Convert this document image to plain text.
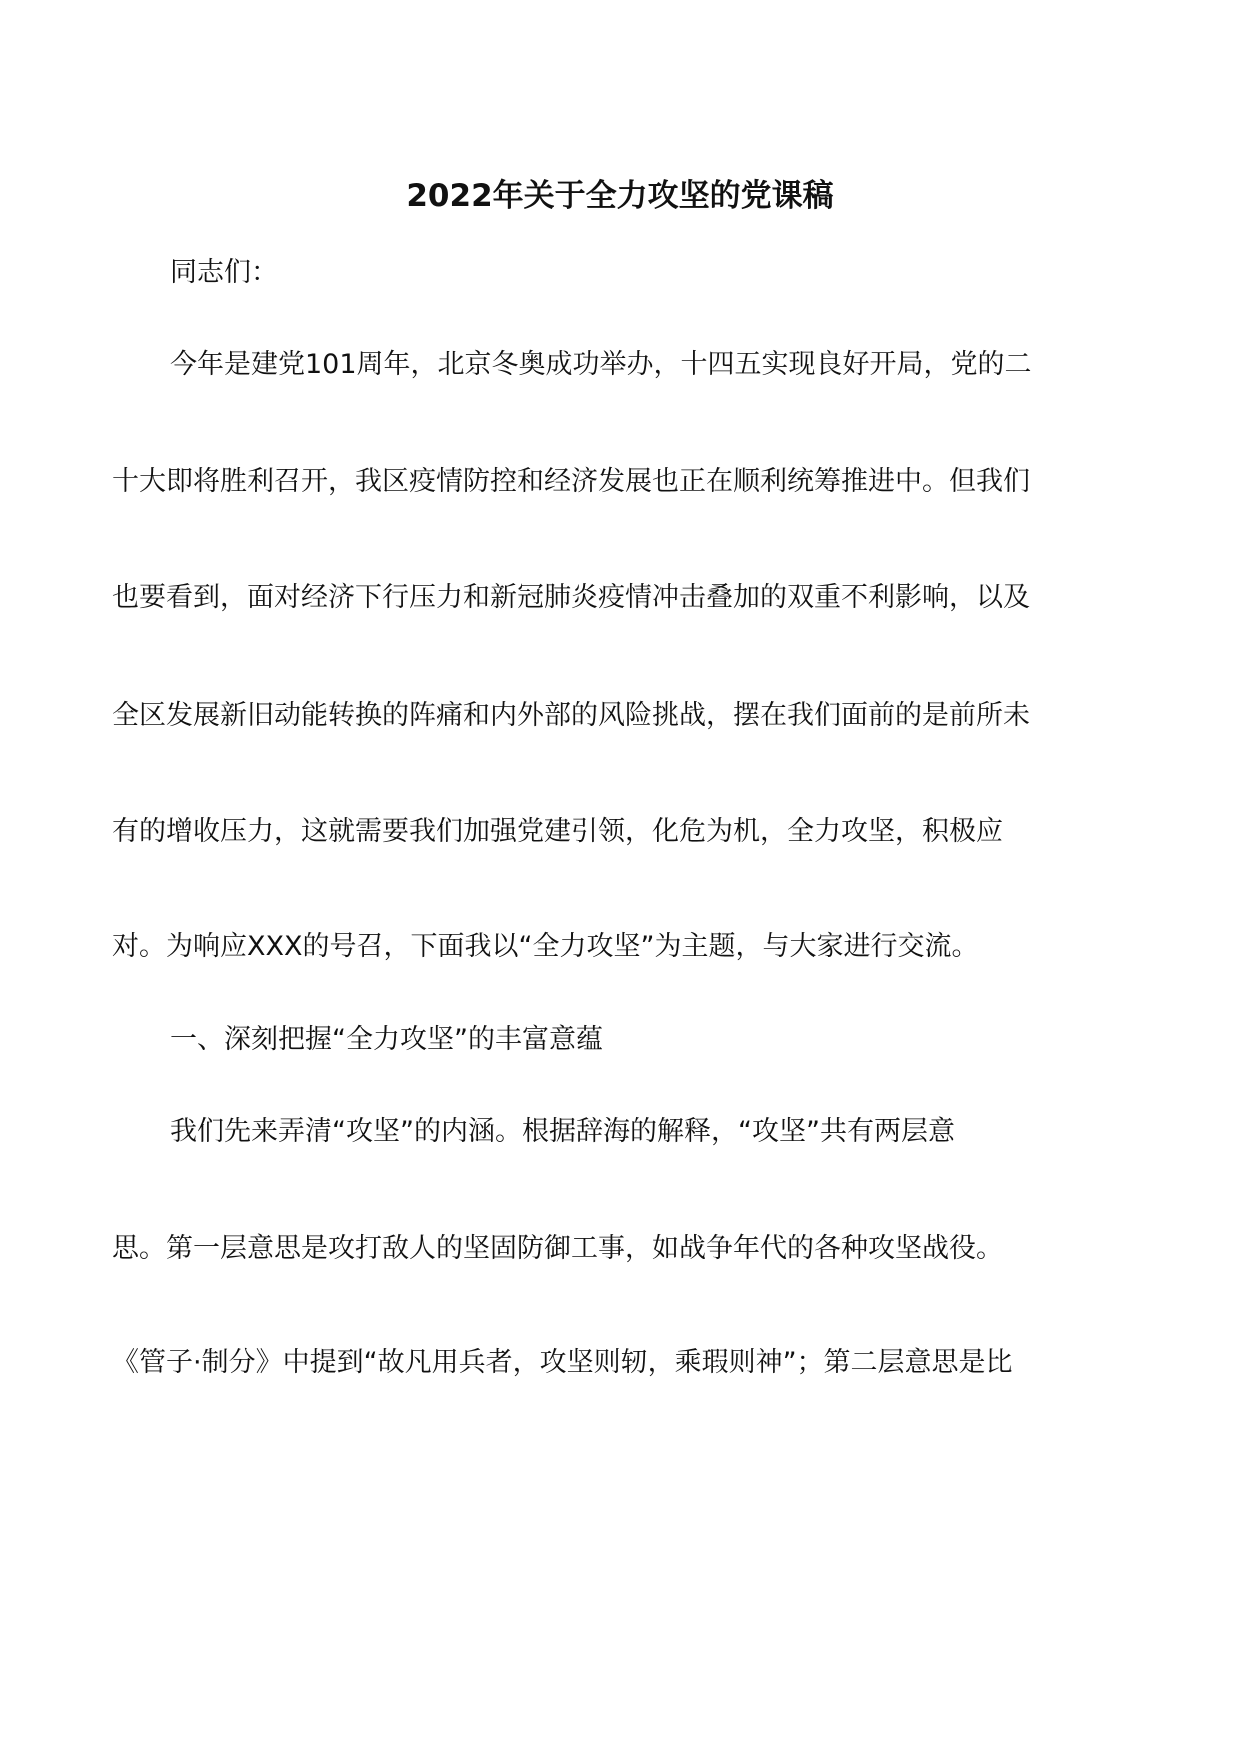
2022年关于全力攻坚的党课稿
同志们：
今年是建党101周年，北京冬奥成功举办，十四五实现良好开局，党的二
十大即将胜利召开，我区疫情防控和经济发展也正在顺利统筹推进中。但我们
也要看到，面对经济下行压力和新冠肺炎疫情冲击叠加的双重不利影响，以及
全区发展新旧动能转换的阵痛和内外部的风险挑战，摆在我们面前的是前所未
有的增收压力，这就需要我们加强党建引领，化危为机，全力攻坚，积极应
对。为响应XXX的号召，下面我以“全力攻坚”为主题，与大家进行交流。
一、深刻把握“全力攻坚”的丰富意蕴
我们先来弄清“攻坚”的内涵。根据辞海的解释，“攻坚”共有两层意
思。第一层意思是攻打敌人的坚固防御工事，如战争年代的各种攻坚战役。
《管子·制分》中提到“故凡用兵者，攻坚则轫，乘瑕则神”；第二层意思是比
